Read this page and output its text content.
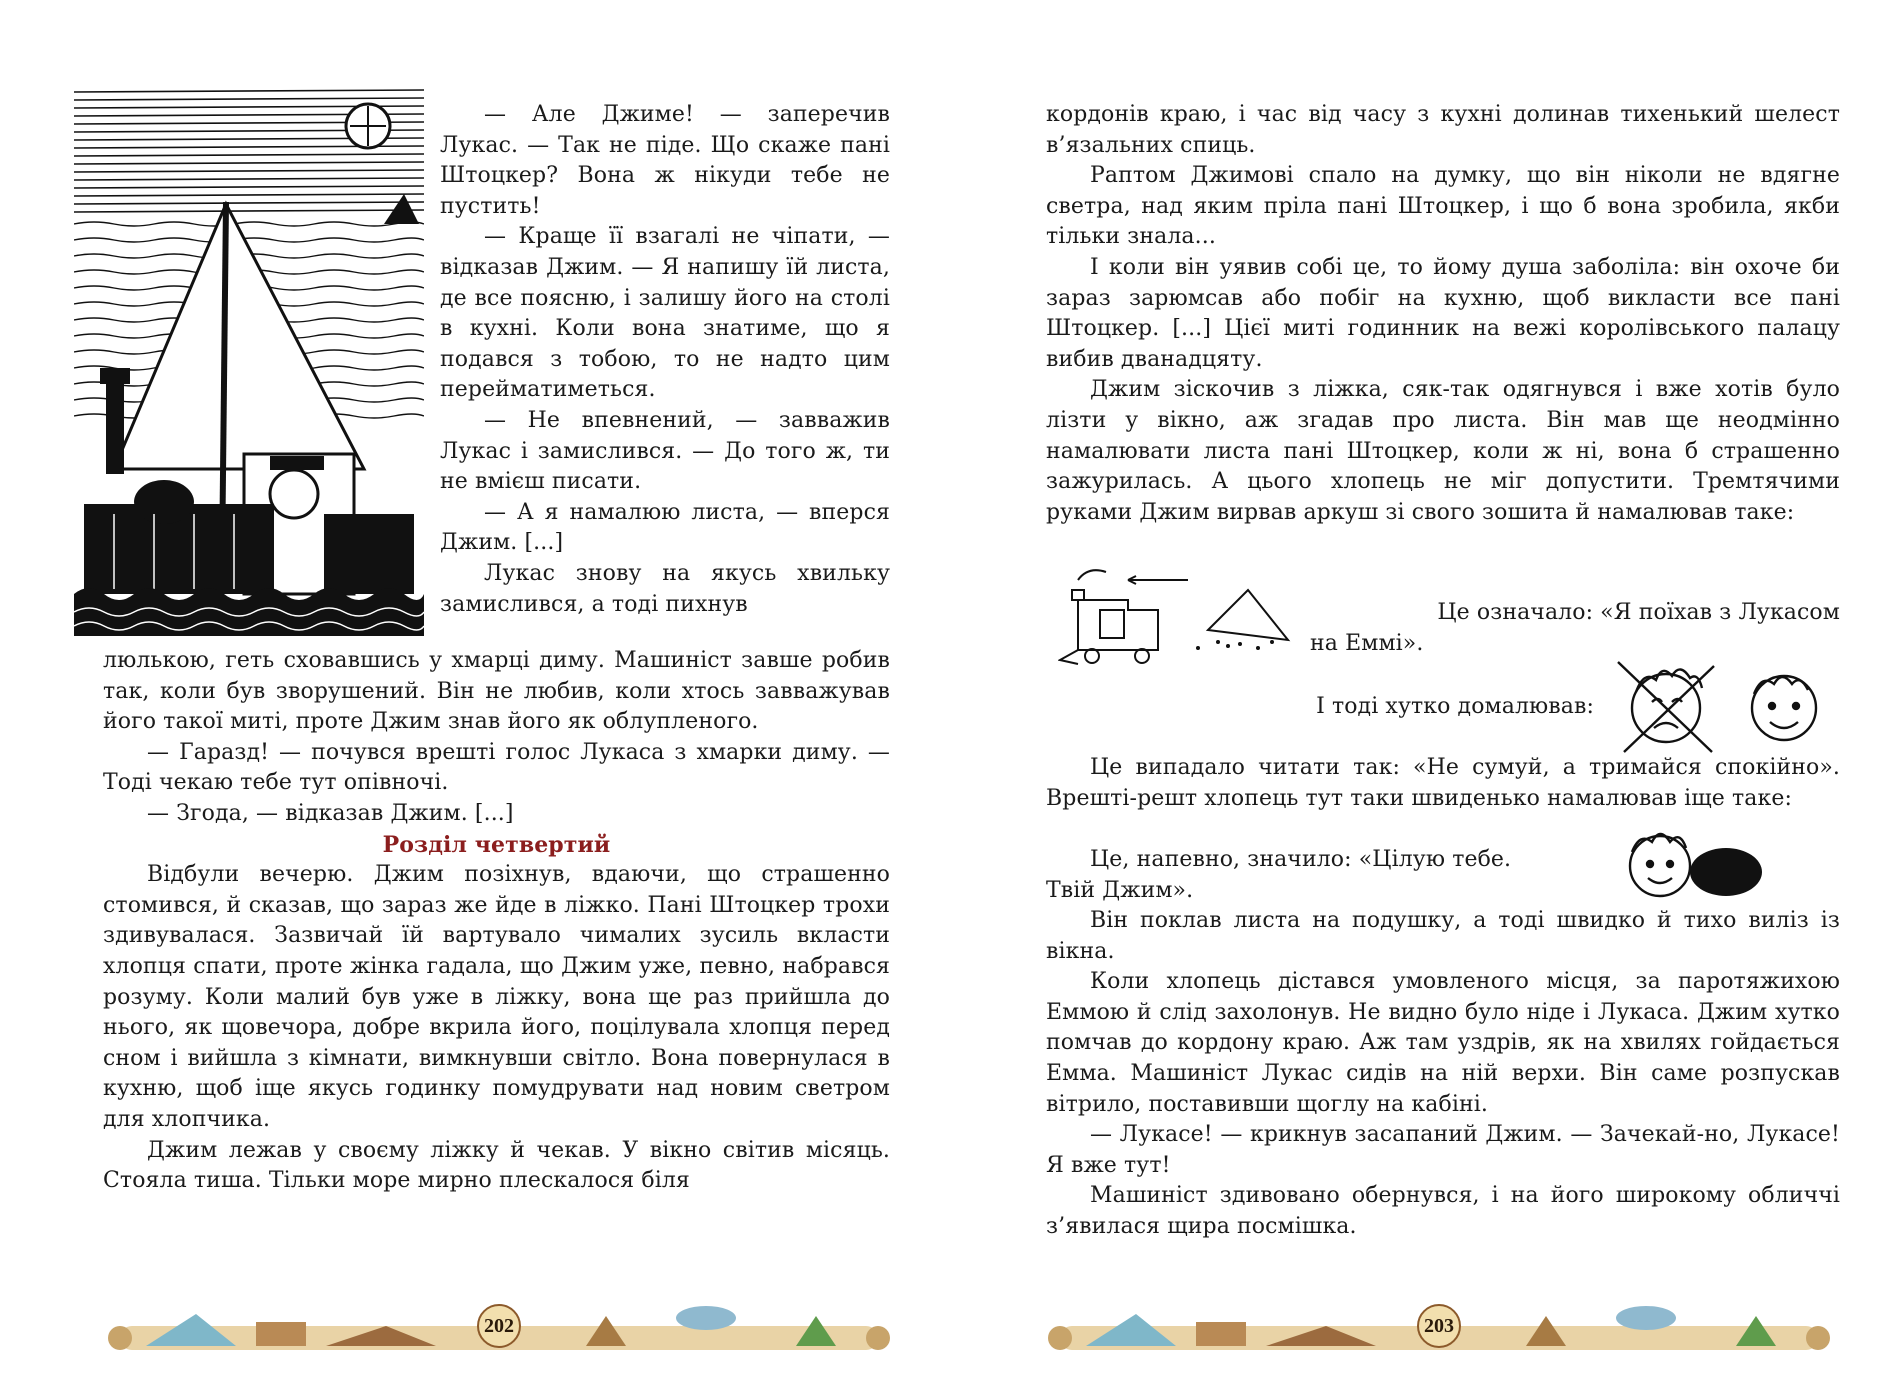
— Але Джиме! — заперечив Лукас. — Так не піде. Що скаже пані Штоцкер? Вона ж нікуди тебе не пустить!

— Краще її взагалі не чіпати, — відказав Джим. — Я напишу їй листа, де все поясню, і залишу його на столі в кухні. Коли вона знатиме, що я подався з тобою, то не надто цим перейматиметься.

— Не впевнений, — завважив Лукас і замислився. — До того ж, ти не вмієш писати.

— А я намалюю листа, — вперся Джим. [...]

Лукас знову на якусь хвильку замислився, а тоді пихнув

люлькою, геть сховавшись у хмарці диму. Машиніст завше робив так, коли був зворушений. Він не любив, коли хтось завважував його такої миті, проте Джим знав його як облупленого.

— Гаразд! — почувся врешті голос Лукаса з хмарки диму. — Тоді чекаю тебе тут опівночі.

— Згода, — відказав Джим. [...]

Розділ четвертий

Відбули вечерю. Джим позіхнув, вдаючи, що страшенно стомився, й сказав, що зараз же йде в ліжко. Пані Штоцкер трохи здивувалася. Зазвичай їй вартувало чималих зусиль вкласти хлопця спати, проте жінка гадала, що Джим уже, певно, набрався розуму. Коли малий був уже в ліжку, вона ще раз прийшла до нього, як щовечора, добре вкрила його, поцілувала хлопця перед сном і вийшла з кімнати, вимкнувши світло. Вона повернулася в кухню, щоб іще якусь годинку помудрувати над новим светром для хлопчика.

Джим лежав у своєму ліжку й чекав. У вікно світив місяць. Стояла тиша. Тільки море мирно плескалося біля

202

кордонів краю, і час від часу з кухні долинав тихенький шелест в’язальних спиць.

Раптом Джимові спало на думку, що він ніколи не вдягне светра, над яким пріла пані Штоцкер, і що б вона зробила, якби тільки знала...

І коли він уявив собі це, то йому душа заболіла: він охоче би зараз зарюмсав або побіг на кухню, щоб викласти все пані Штоцкер. [...] Цієї миті годинник на вежі королівського палацу вибив дванадцяту.

Джим зіскочив з ліжка, сяк-так одягнувся і вже хотів було лізти у вікно, аж згадав про листа. Він мав ще неодмінно намалювати листа пані Штоцкер, коли ж ні, вона б страшенно зажурилась. А цього хлопець не міг допустити. Тремтячими руками Джим вирвав аркуш зі свого зошита й намалював таке:

Це означало: «Я поїхав з Лукасом

на Еммі».

І тоді хутко домалював:

Це випадало читати так: «Не сумуй, а тримайся спокійно». Врешті-решт хлопець тут таки швиденько намалював іще таке:

Це, напевно, значило: «Цілую тебе.

Твій Джим».

Він поклав листа на подушку, а тоді швидко й тихо виліз із вікна.

Коли хлопець дістався умовленого місця, за паротяжихою Еммою й слід захолонув. Не видно було ніде і Лукаса. Джим хутко помчав до кордону краю. Аж там уздрів, як на хвилях гойдається Емма. Машиніст Лукас сидів на ній верхи. Він саме розпускав вітрило, поставивши щоглу на кабіні.

— Лукасе! — крикнув засапаний Джим. — Зачекай-но, Лукасе! Я вже тут!

Машиніст здивовано обернувся, і на його широкому обличчі з’явилася щира посмішка.

203
